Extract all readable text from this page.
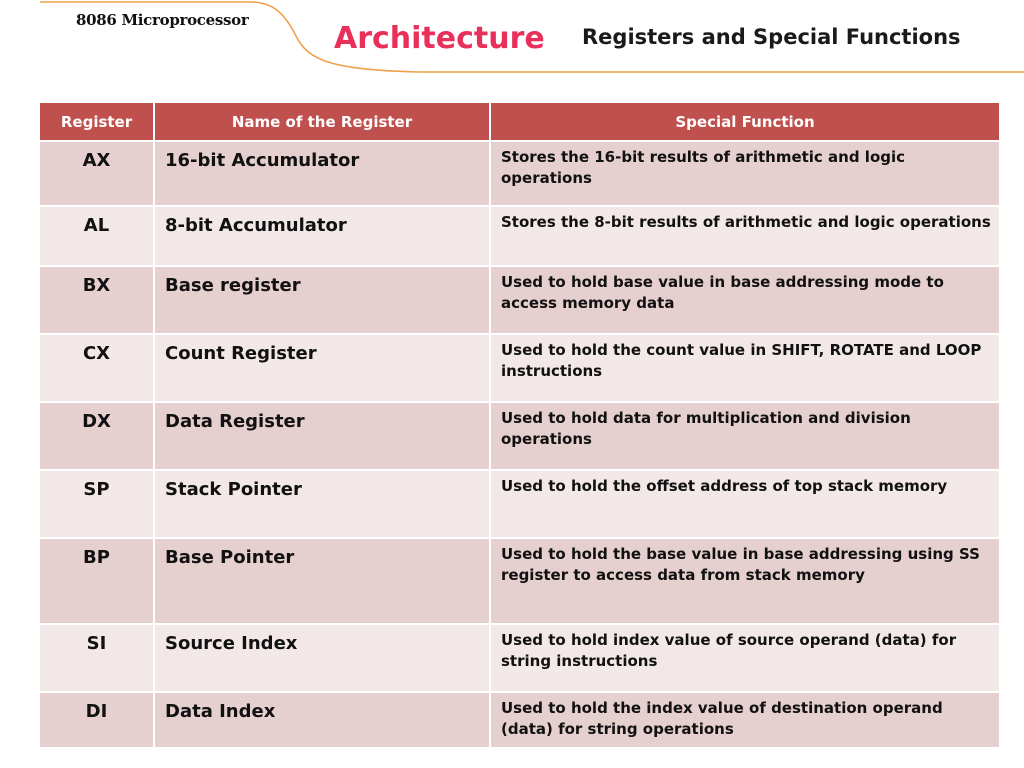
8086 Microprocessor
Architecture Registers and Special Functions
Register	Name of the Register	Special Function
AX	16-bit Accumulator	Stores the 16-bit results of arithmetic and logic operations
AL	8-bit Accumulator	Stores the 8-bit results of arithmetic and logic operations
BX	Base register	Used to hold base value in base addressing mode to access memory data
CX	Count Register	Used to hold the count value in SHIFT, ROTATE and LOOP instructions
DX	Data Register	Used to hold data for multiplication and division operations
SP	Stack Pointer	Used to hold the offset address of top stack memory
BP	Base Pointer	Used to hold the base value in base addressing using SS register to access data from stack memory
SI	Source Index	Used to hold index value of source operand (data) for string instructions
DI	Data Index	Used to hold the index value of destination operand (data) for string operations
